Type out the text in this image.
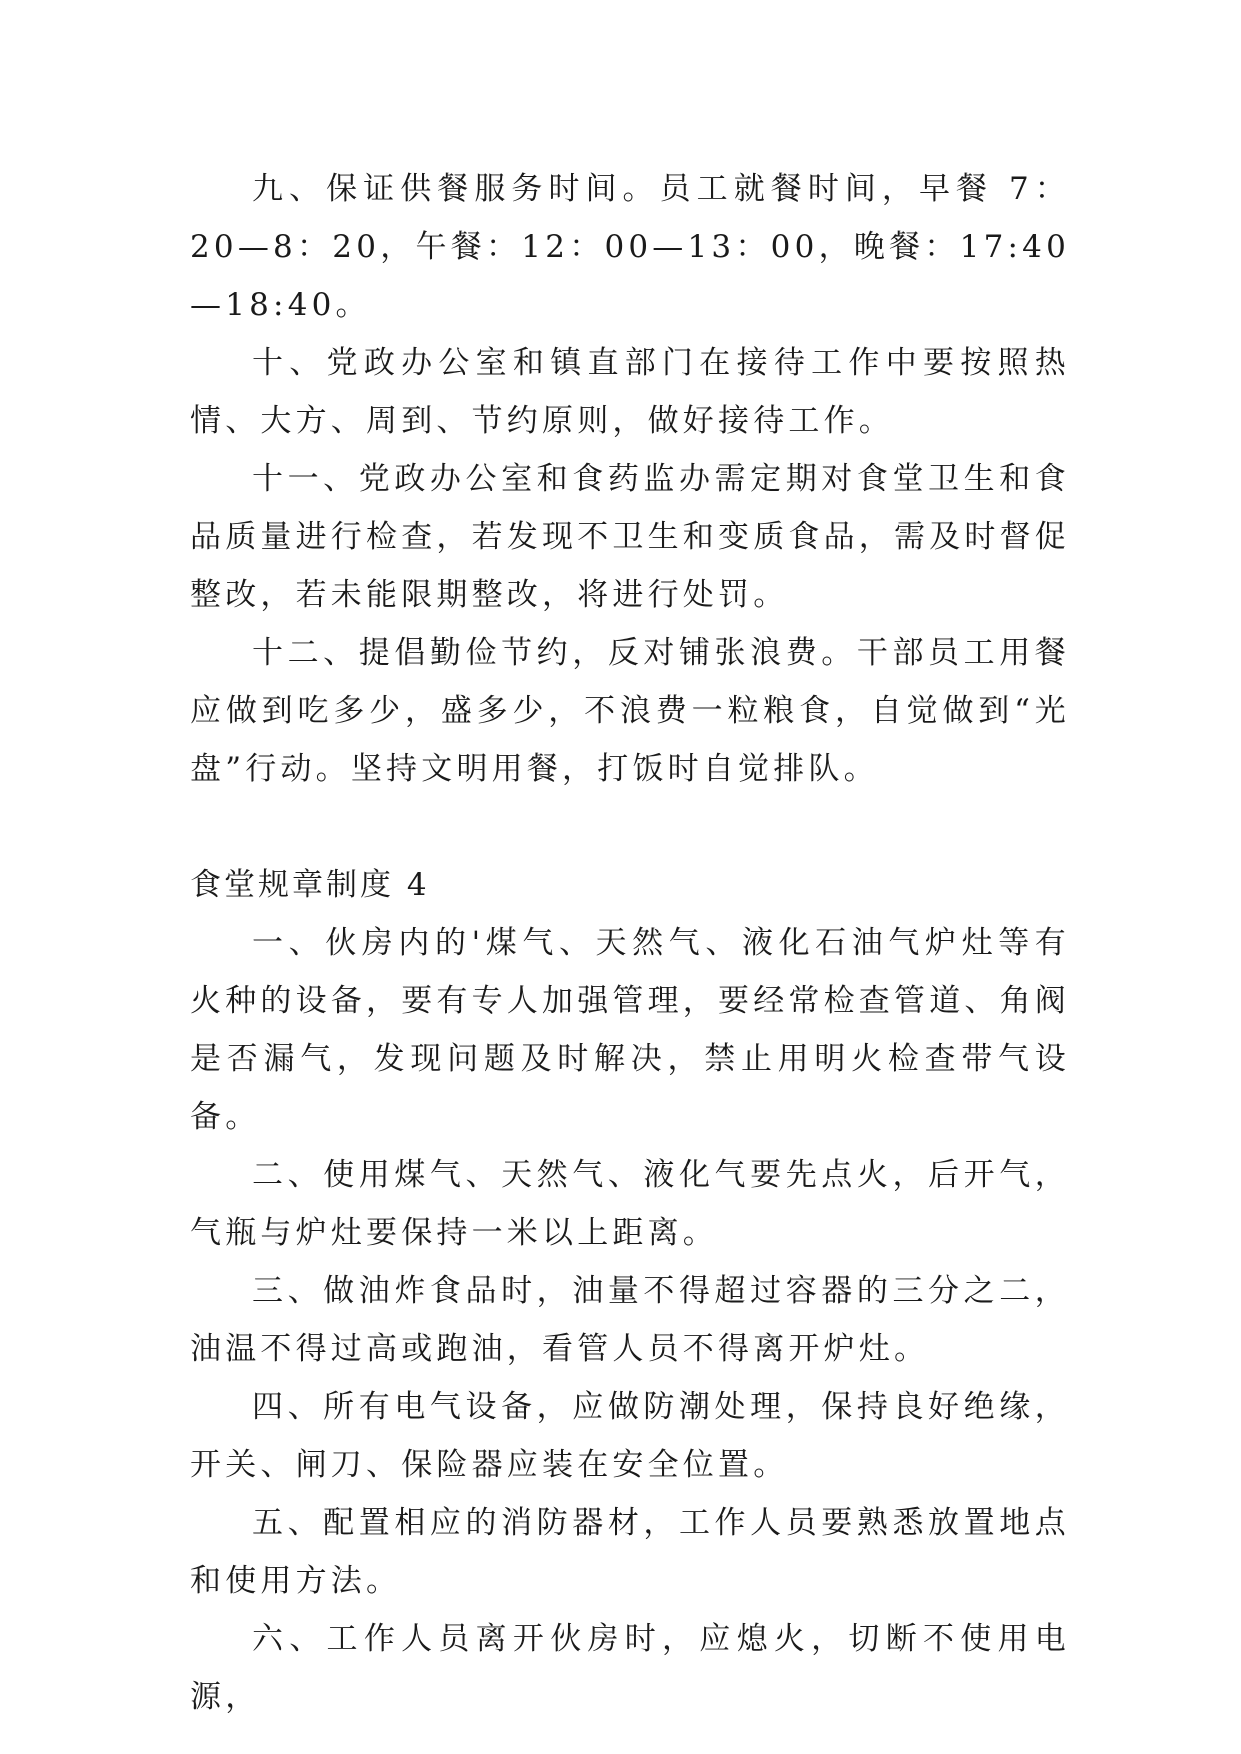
九、保证供餐服务时间。员工就餐时间，早餐 7：20—8：20，午餐：12：00—13：00，晚餐：17:40—18:40。

十、党政办公室和镇直部门在接待工作中要按照热情、大方、周到、节约原则，做好接待工作。

十一、党政办公室和食药监办需定期对食堂卫生和食品质量进行检查，若发现不卫生和变质食品，需及时督促整改，若未能限期整改，将进行处罚。

十二、提倡勤俭节约，反对铺张浪费。干部员工用餐应做到吃多少，盛多少，不浪费一粒粮食，自觉做到“光盘”行动。坚持文明用餐，打饭时自觉排队。

食堂规章制度 4

一、伙房内的'煤气、天然气、液化石油气炉灶等有火种的设备，要有专人加强管理，要经常检查管道、角阀是否漏气，发现问题及时解决，禁止用明火检查带气设备。

二、使用煤气、天然气、液化气要先点火，后开气，气瓶与炉灶要保持一米以上距离。

三、做油炸食品时，油量不得超过容器的三分之二，油温不得过高或跑油，看管人员不得离开炉灶。

四、所有电气设备，应做防潮处理，保持良好绝缘，开关、闸刀、保险器应装在安全位置。

五、配置相应的消防器材，工作人员要熟悉放置地点和使用方法。

六、工作人员离开伙房时，应熄火，切断不使用电源，
